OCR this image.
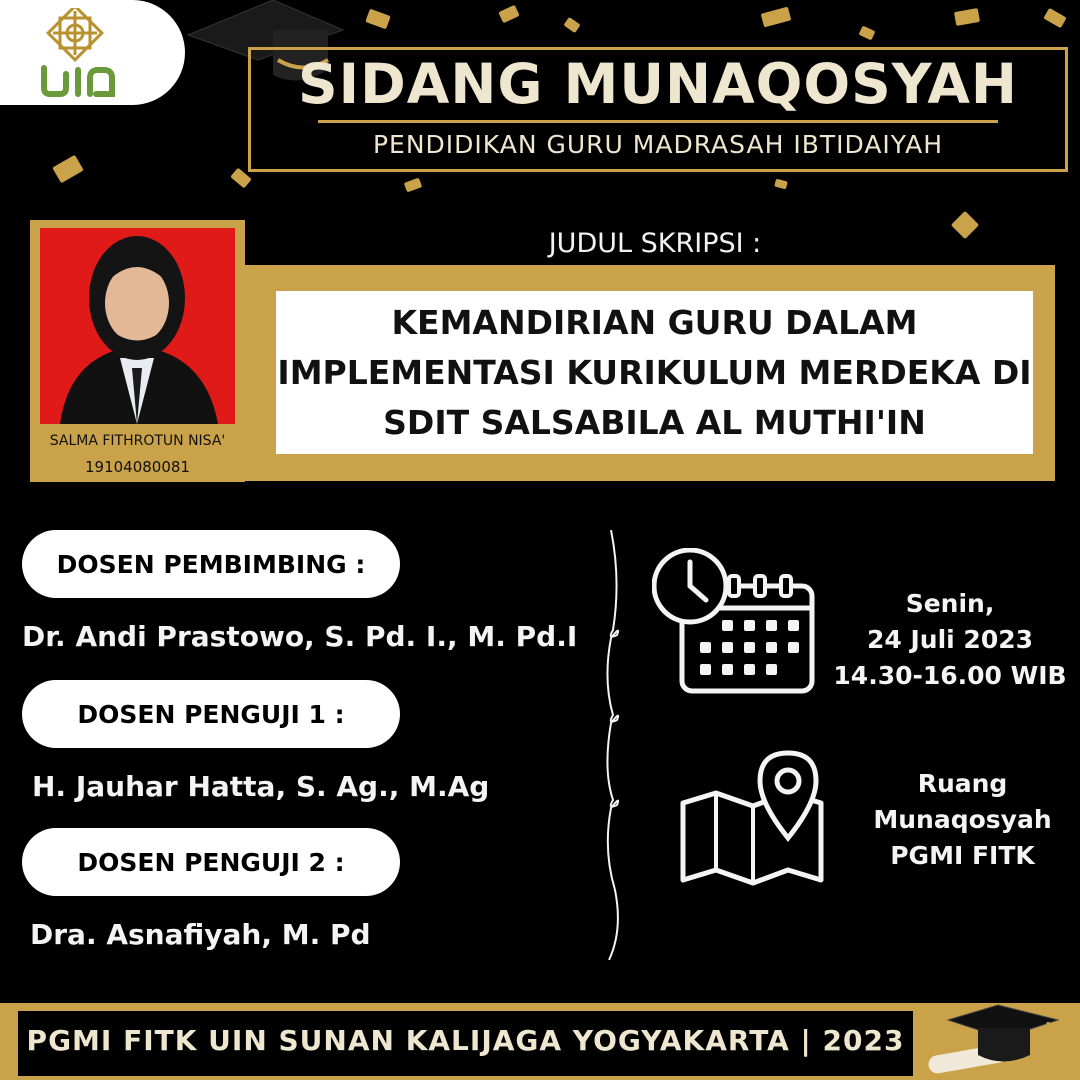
SIDANG MUNAQOSYAH
PENDIDIKAN GURU MADRASAH IBTIDAIYAH
SALMA FITHROTUN NISA'
19104080081
JUDUL SKRIPSI :
KEMANDIRIAN GURU DALAM
IMPLEMENTASI KURIKULUM MERDEKA DI
SDIT SALSABILA AL MUTHI'IN
DOSEN PEMBIMBING :
Dr. Andi Prastowo, S. Pd. I., M. Pd.I
DOSEN PENGUJI 1 :
H. Jauhar Hatta, S. Ag., M.Ag
DOSEN PENGUJI 2 :
Dra. Asnafiyah, M. Pd
Senin,
24 Juli 2023
14.30-16.00 WIB
Ruang
Munaqosyah
PGMI FITK
PGMI FITK UIN SUNAN KALIJAGA YOGYAKARTA | 2023
